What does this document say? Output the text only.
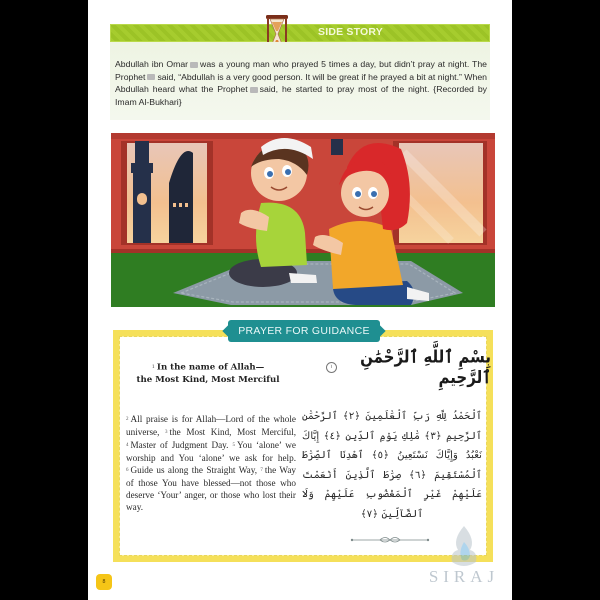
SIDE STORY
Abdullah ibn Omar was a young man who prayed 5 times a day, but didn’t pray at night. The Prophet said, “Abdullah is a very good person. It will be great if he prayed a bit at night.” When Abdullah heard what the Prophet said, he started to pray most of the night. {Recorded by Imam Al-Bukhari}
PRAYER FOR GUIDANCE
1 In the name of Allah—
the Most Kind, Most Merciful
١	بِسْمِ ٱللَّهِ ٱلرَّحْمَٰنِ ٱلرَّحِيمِ
2 All praise is for Allah—Lord of the whole universe, 3 the Most Kind, Most Merciful, 4 Master of Judgment Day. 5 You ‘alone’ we worship and You ‘alone’ we ask for help. 6 Guide us along the Straight Way, 7 the Way of those You have blessed—not those who deserve ‘Your’ anger, or those who lost their way.
ٱلْحَمْدُ لِلَّهِ رَبِّ ٱلْعَٰلَمِينَ ﴿٢﴾ ٱلرَّحْمَٰنِ ٱلرَّحِيمِ ﴿٣﴾ مَٰلِكِ يَوْمِ ٱلدِّينِ ﴿٤﴾ إِيَّاكَ نَعْبُدُ وَإِيَّاكَ نَسْتَعِينُ ﴿٥﴾ ٱهْدِنَا ٱلصِّرَٰطَ ٱلْمُسْتَقِيمَ ﴿٦﴾ صِرَٰطَ ٱلَّذِينَ أَنْعَمْتَ عَلَيْهِمْ غَيْرِ ٱلْمَغْضُوبِ عَلَيْهِمْ وَلَا ٱلضَّآلِّينَ ﴿٧﴾
8	SIRAJ
